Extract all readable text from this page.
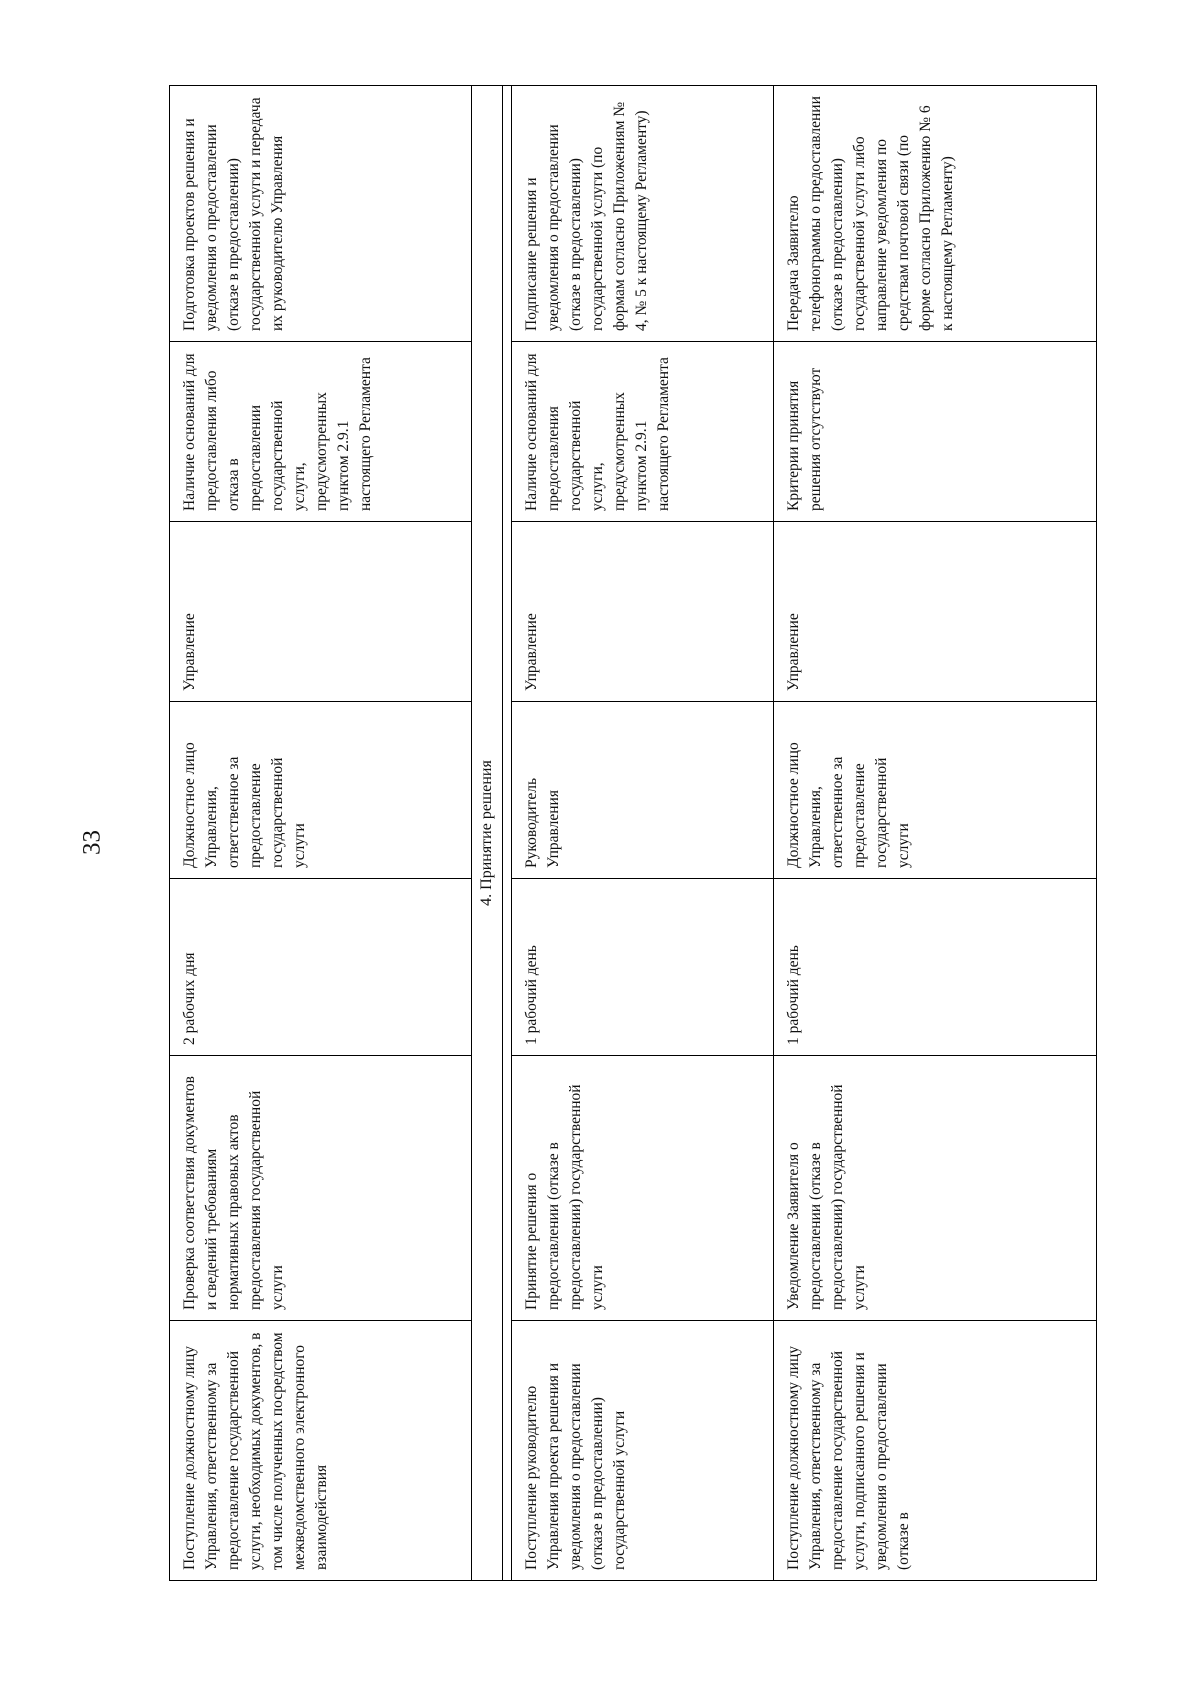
33
Поступление должностному лицу Управления, ответственному за предоставление государственной услуги, необходимых документов, в том числе полученных посредством межведомственного электронного взаимодействия	Проверка соответствия документов и сведений требованиям нормативных правовых актов предоставления государственной услуги	2 рабочих дня	Должностное лицо Управления, ответственное за предоставление государственной услуги	Управление	Наличие оснований для предоставления либо отказа в предоставлении государственной услуги, предусмотренных пунктом 2.9.1 настоящего Регламента	Подготовка проектов решения и уведомления о предоставлении (отказе в предоставлении) государственной услуги и передача их руководителю Управления
4. Принятие решения						

Поступление руководителю Управления проекта решения и уведомления о предоставлении (отказе в предоставлении) государственной услуги	Принятие решения о предоставлении (отказе в предоставлении) государственной услуги	1 рабочий день	Руководитель Управления	Управление	Наличие оснований для предоставления государственной услуги, предусмотренных пунктом 2.9.1 настоящего Регламента	Подписание решения и уведомления о предоставлении (отказе в предоставлении) государственной услуги (по формам согласно Приложениям № 4, № 5 к настоящему Регламенту)
Поступление должностному лицу Управления, ответственному за предоставление государственной услуги, подписанного решения и уведомления о предоставлении (отказе в	Уведомление Заявителя о предоставлении (отказе в предоставлении) государственной услуги	1 рабочий день	Должностное лицо Управления, ответственное за предоставление государственной услуги	Управление	Критерии принятия решения отсутствуют	Передача Заявителю телефонограммы о предоставлении (отказе в предоставлении) государственной услуги либо направление уведомления по средствам почтовой связи (по форме согласно Приложению № 6 к настоящему Регламенту)
